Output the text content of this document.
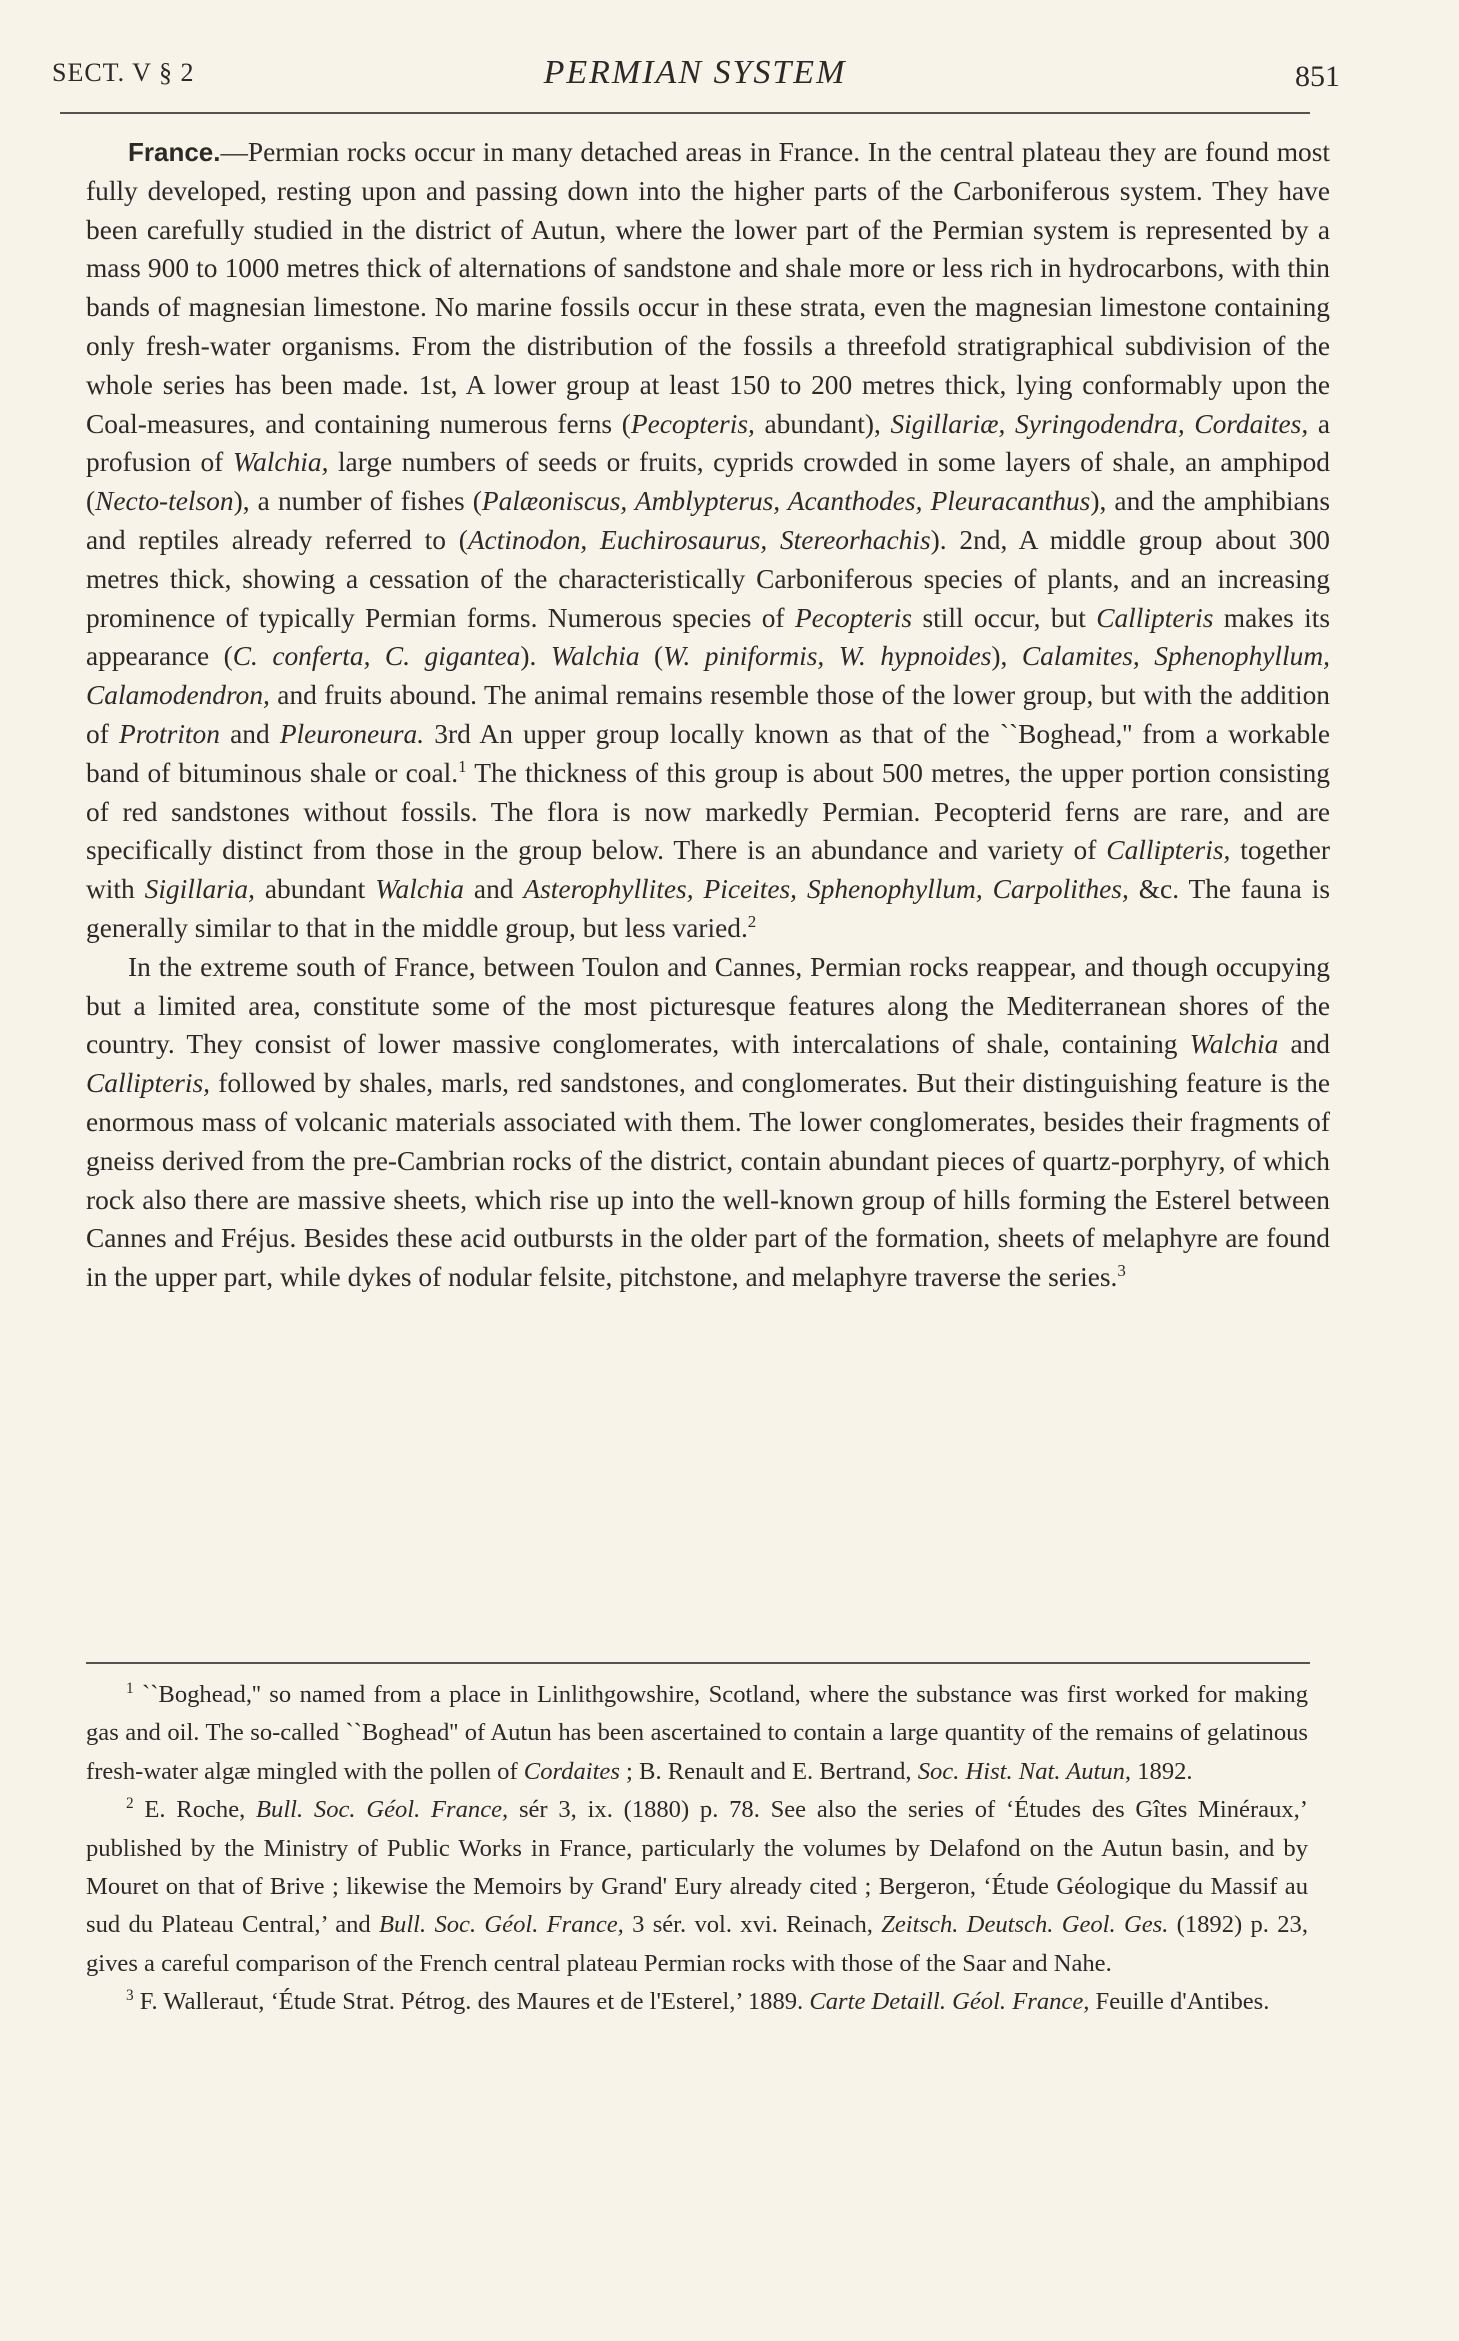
SECT. V § 2	PERMIAN SYSTEM	851

France.—Permian rocks occur in many detached areas in France. In the central plateau they are found most fully developed, resting upon and passing down into the higher parts of the Carboniferous system. They have been carefully studied in the district of Autun, where the lower part of the Permian system is represented by a mass 900 to 1000 metres thick of alternations of sandstone and shale more or less rich in hydrocarbons, with thin bands of magnesian limestone. No marine fossils occur in these strata, even the magnesian limestone containing only fresh-water organisms. From the distribution of the fossils a threefold stratigraphical subdivision of the whole series has been made. 1st, A lower group at least 150 to 200 metres thick, lying conformably upon the Coal-measures, and containing numerous ferns (Pecopteris, abundant), Sigillariæ, Syringodendra, Cordaites, a profusion of Walchia, large numbers of seeds or fruits, cyprids crowded in some layers of shale, an amphipod (Necto-telson), a number of fishes (Palæoniscus, Amblypterus, Acanthodes, Pleuracanthus), and the amphibians and reptiles already referred to (Actinodon, Euchirosaurus, Stereorhachis). 2nd, A middle group about 300 metres thick, showing a cessation of the characteristically Carboniferous species of plants, and an increasing prominence of typically Permian forms. Numerous species of Pecopteris still occur, but Callipteris makes its appearance (C. conferta, C. gigantea). Walchia (W. piniformis, W. hypnoides), Calamites, Sphenophyllum, Calamodendron, and fruits abound. The animal remains resemble those of the lower group, but with the addition of Protriton and Pleuroneura. 3rd An upper group locally known as that of the ``Boghead,'' from a workable band of bituminous shale or coal.$^1$ The thickness of this group is about 500 metres, the upper portion consisting of red sandstones without fossils. The flora is now markedly Permian. Pecopterid ferns are rare, and are specifically distinct from those in the group below. There is an abundance and variety of Callipteris, together with Sigillaria, abundant Walchia and Asterophyllites, Piceites, Sphenophyllum, Carpolithes, &c. The fauna is generally similar to that in the middle group, but less varied.$^2$

In the extreme south of France, between Toulon and Cannes, Permian rocks reappear, and though occupying but a limited area, constitute some of the most picturesque features along the Mediterranean shores of the country. They consist of lower massive conglomerates, with intercalations of shale, containing Walchia and Callipteris, followed by shales, marls, red sandstones, and conglomerates. But their distinguishing feature is the enormous mass of volcanic materials associated with them. The lower conglomerates, besides their fragments of gneiss derived from the pre-Cambrian rocks of the district, contain abundant pieces of quartz-porphyry, of which rock also there are massive sheets, which rise up into the well-known group of hills forming the Esterel between Cannes and Fréjus. Besides these acid outbursts in the older part of the formation, sheets of melaphyre are found in the upper part, while dykes of nodular felsite, pitchstone, and melaphyre traverse the series.$^3$

$^1$ ``Boghead,'' so named from a place in Linlithgowshire, Scotland, where the substance was first worked for making gas and oil. The so-called ``Boghead'' of Autun has been ascertained to contain a large quantity of the remains of gelatinous fresh-water algæ mingled with the pollen of Cordaites ; B. Renault and E. Bertrand, Soc. Hist. Nat. Autun, 1892.

$^2$ E. Roche, Bull. Soc. Géol. France, sér 3, ix. (1880) p. 78. See also the series of ‘Études des Gîtes Minéraux,’ published by the Ministry of Public Works in France, particularly the volumes by Delafond on the Autun basin, and by Mouret on that of Brive ; likewise the Memoirs by Grand' Eury already cited ; Bergeron, ‘Étude Géologique du Massif au sud du Plateau Central,’ and Bull. Soc. Géol. France, 3 sér. vol. xvi. Reinach, Zeitsch. Deutsch. Geol. Ges. (1892) p. 23, gives a careful comparison of the French central plateau Permian rocks with those of the Saar and Nahe.

$^3$ F. Walleraut, ‘Étude Strat. Pétrog. des Maures et de l'Esterel,’ 1889. Carte Detaill. Géol. France, Feuille d'Antibes.
